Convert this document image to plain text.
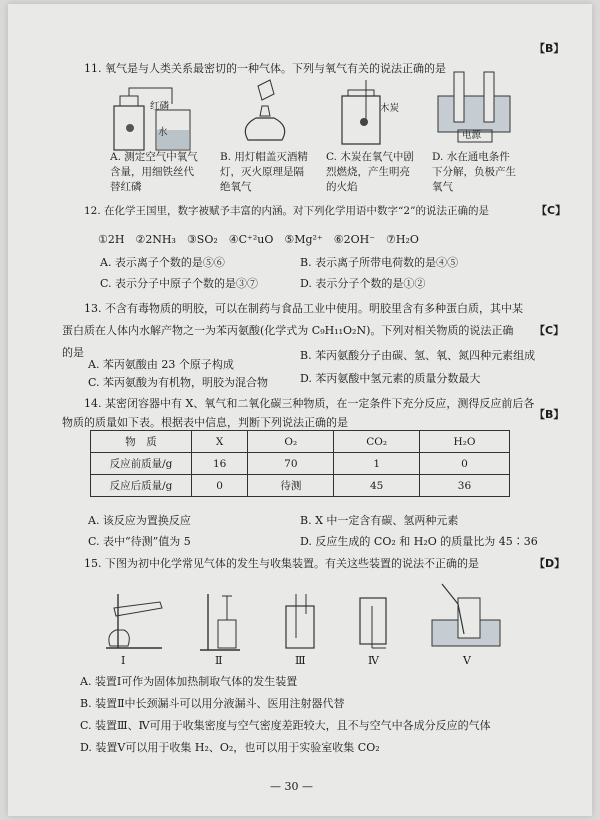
11. 氧气是与人类关系最密切的一种气体。下列与氧气有关的说法正确的是
【B】
红磷
水
木炭
电源
A. 测定空气中氧气含量，用细铁丝代替红磷
B. 用灯帽盖灭酒精灯，灭火原理是隔绝氧气
C. 木炭在氧气中剧烈燃烧，产生明亮的火焰
D. 水在通电条件下分解，负极产生氧气
12. 在化学王国里，数字被赋予丰富的内涵。对下列化学用语中数字“2”的说法正确的是	【C】
①2H　②2NH₃　③SO₂　④C⁺²uO　⑤Mg²⁺　⑥2OH⁻　⑦H₂O
A. 表示离子个数的是⑤⑥	B. 表示离子所带电荷数的是④⑤
C. 表示分子中原子个数的是③⑦	D. 表示分子个数的是①②
13. 不含有毒物质的明胶，可以在制药与食品工业中使用。明胶里含有多种蛋白质，其中某
蛋白质在人体内水解产物之一为苯丙氨酸(化学式为 C₉H₁₁O₂N)。下列对相关物质的说法正确
的是
【C】
A. 苯丙氨酸由 23 个原子构成
B. 苯丙氨酸分子由碳、氢、氧、氮四种元素组成
C. 苯丙氨酸为有机物，明胶为混合物	D. 苯丙氨酸中氢元素的质量分数最大
14. 某密闭容器中有 X、氧气和二氧化碳三种物质，在一定条件下充分反应，测得反应前后各
物质的质量如下表。根据表中信息，判断下列说法正确的是
【B】
物　质	X	O₂	CO₂	H₂O
反应前质量/g	16	70	1	0
反应后质量/g	0	待测	45	36
A. 该反应为置换反应	B. X 中一定含有碳、氢两种元素
C. 表中“待测”值为 5	D. 反应生成的 CO₂ 和 H₂O 的质量比为 45∶36
15. 下图为初中化学常见气体的发生与收集装置。有关这些装置的说法不正确的是	【D】
Ⅰ	Ⅱ	Ⅲ	Ⅳ	Ⅴ
A. 装置Ⅰ可作为固体加热制取气体的发生装置
B. 装置Ⅱ中长颈漏斗可以用分液漏斗、医用注射器代替
C. 装置Ⅲ、Ⅳ可用于收集密度与空气密度差距较大，且不与空气中各成分反应的气体
D. 装置Ⅴ可以用于收集 H₂、O₂，也可以用于实验室收集 CO₂
— 30 —
